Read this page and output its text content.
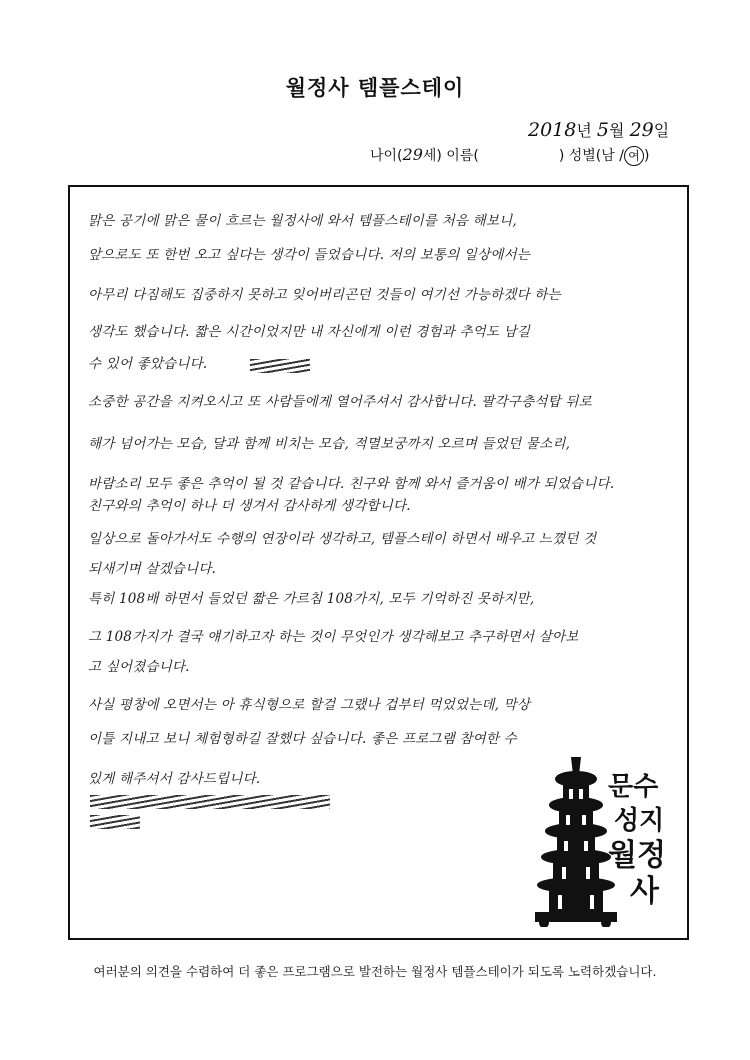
월정사 템플스테이
2018년 5월 29일
나이(29세) 이름(	) 성별(남 / 여 )
맑은 공기에 맑은 물이 흐르는 월정사에 와서 템플스테이를 처음 해보니,
앞으로도 또 한번 오고 싶다는 생각이 들었습니다. 저의 보통의 일상에서는
아무리 다짐해도 집중하지 못하고 잊어버리곤던 것들이 여기선 가능하겠다 하는
생각도 했습니다. 짧은 시간이었지만 내 자신에게 이런 경험과 추억도 남길
수 있어 좋았습니다.
소중한 공간을 지켜오시고 또 사람들에게 열어주셔서 감사합니다. 팔각구층석탑 뒤로
해가 넘어가는 모습, 달과 함께 비치는 모습, 적멸보궁까지 오르며 들었던 물소리,
바람소리 모두 좋은 추억이 될 것 같습니다. 친구와 함께 와서 즐거움이 배가 되었습니다.
친구와의 추억이 하나 더 생겨서 감사하게 생각합니다.
일상으로 돌아가서도 수행의 연장이라 생각하고, 템플스테이 하면서 배우고 느꼈던 것
되새기며 살겠습니다.
특히 108배 하면서 들었던 짧은 가르침 108가지, 모두 기억하진 못하지만,
그 108가지가 결국 얘기하고자 하는 것이 무엇인가 생각해보고 추구하면서 살아보
고 싶어졌습니다.
사실 평창에 오면서는 아 휴식형으로 할걸 그랬나 겁부터 먹었었는데, 막상
이틀 지내고 보니 체험형하길 잘했다 싶습니다. 좋은 프로그램 참여한 수
있게 해주셔서 감사드립니다.	문수
성지
월정
사
여러분의 의견을 수렴하여 더 좋은 프로그램으로 발전하는 월정사 템플스테이가 되도록 노력하겠습니다.
